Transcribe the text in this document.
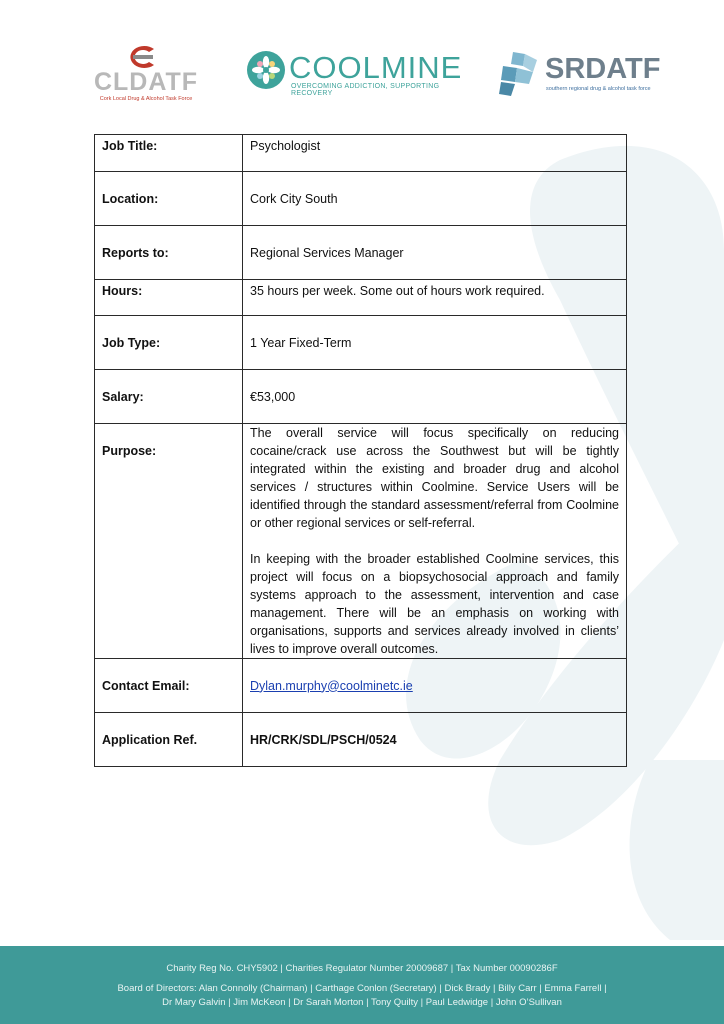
CLDATF
Cork Local Drug & Alcohol Task Force
COOLMINE
OVERCOMING ADDICTION, SUPPORTING RECOVERY
SRDATF
southern regional drug & alcohol task force
Job Title:	Psychologist
Location:	Cork City South
Reports to:	Regional Services Manager
Hours:	35 hours per week. Some out of hours work required.
Job Type:	1 Year Fixed-Term
Salary:	€53,000
Purpose:	The overall service will focus specifically on reducing cocaine/crack use across the Southwest but will be tightly integrated within the existing and broader drug and alcohol services / structures within Coolmine. Service Users will be identified through the standard assessment/referral from Coolmine or other regional services or self-referral.

In keeping with the broader established Coolmine services, this project will focus on a biopsychosocial approach and family systems approach to the assessment, intervention and case management. There will be an emphasis on working with organisations, supports and services already involved in clients’ lives to improve overall outcomes.

Contact Email:	Dylan.murphy@coolminetc.ie
Application Ref.	HR/CRK/SDL/PSCH/0524
Charity Reg No. CHY5902 | Charities Regulator Number 20009687 | Tax Number 00090286F
Board of Directors: Alan Connolly (Chairman) | Carthage Conlon (Secretary) | Dick Brady | Billy Carr | Emma Farrell |
Dr Mary Galvin | Jim McKeon | Dr Sarah Morton | Tony Quilty | Paul Ledwidge | John O’Sullivan
